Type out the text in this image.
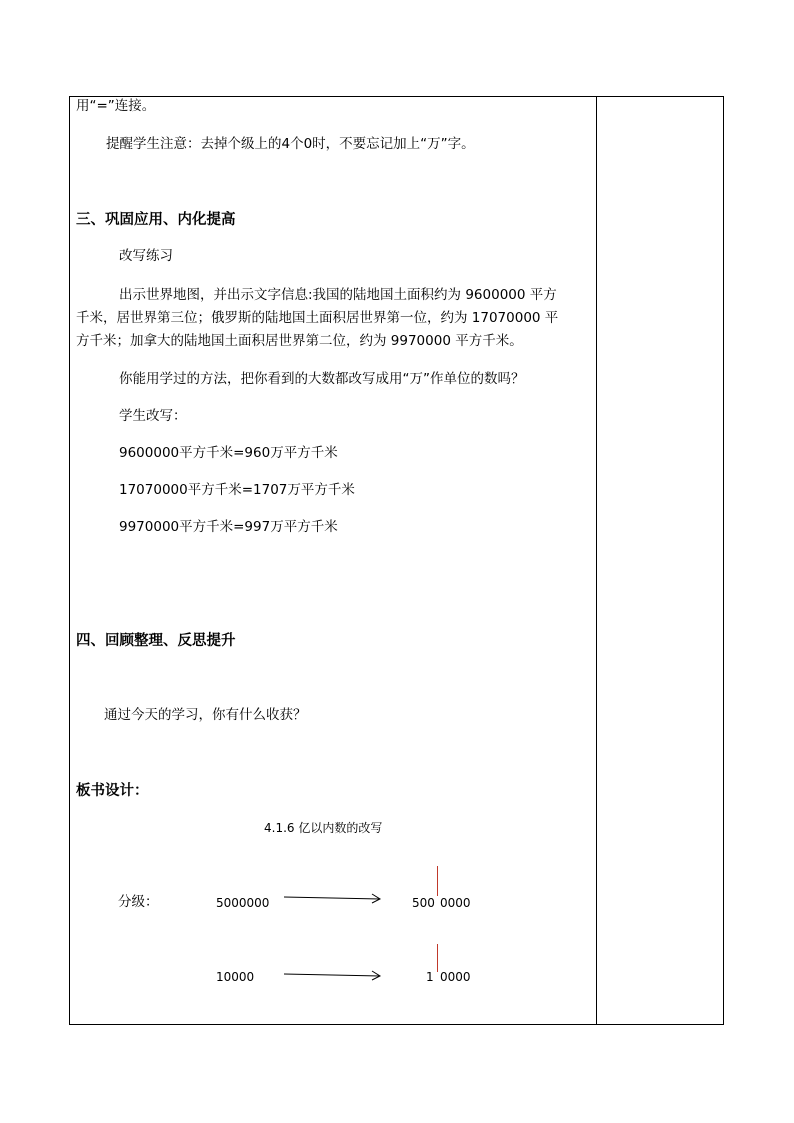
用“=”连接。
提醒学生注意：去掉个级上的4个0时，不要忘记加上“万”字。
三、巩固应用、内化提高
改写练习
出示世界地图，并出示文字信息:我国的陆地国土面积约为 9600000 平方
千米，居世界第三位；俄罗斯的陆地国土面积居世界第一位，约为 17070000 平
方千米；加拿大的陆地国土面积居世界第二位，约为 9970000 平方千米。
你能用学过的方法，把你看到的大数都改写成用“万”作单位的数吗？
学生改写：
9600000平方千米=960万平方千米
17070000平方千米=1707万平方千米
9970000平方千米=997万平方千米
四、回顾整理、反思提升
通过今天的学习，你有什么收获？
板书设计：
4.1.6 亿以内数的改写
分级：	5000000	500 0000
10000	1 0000
